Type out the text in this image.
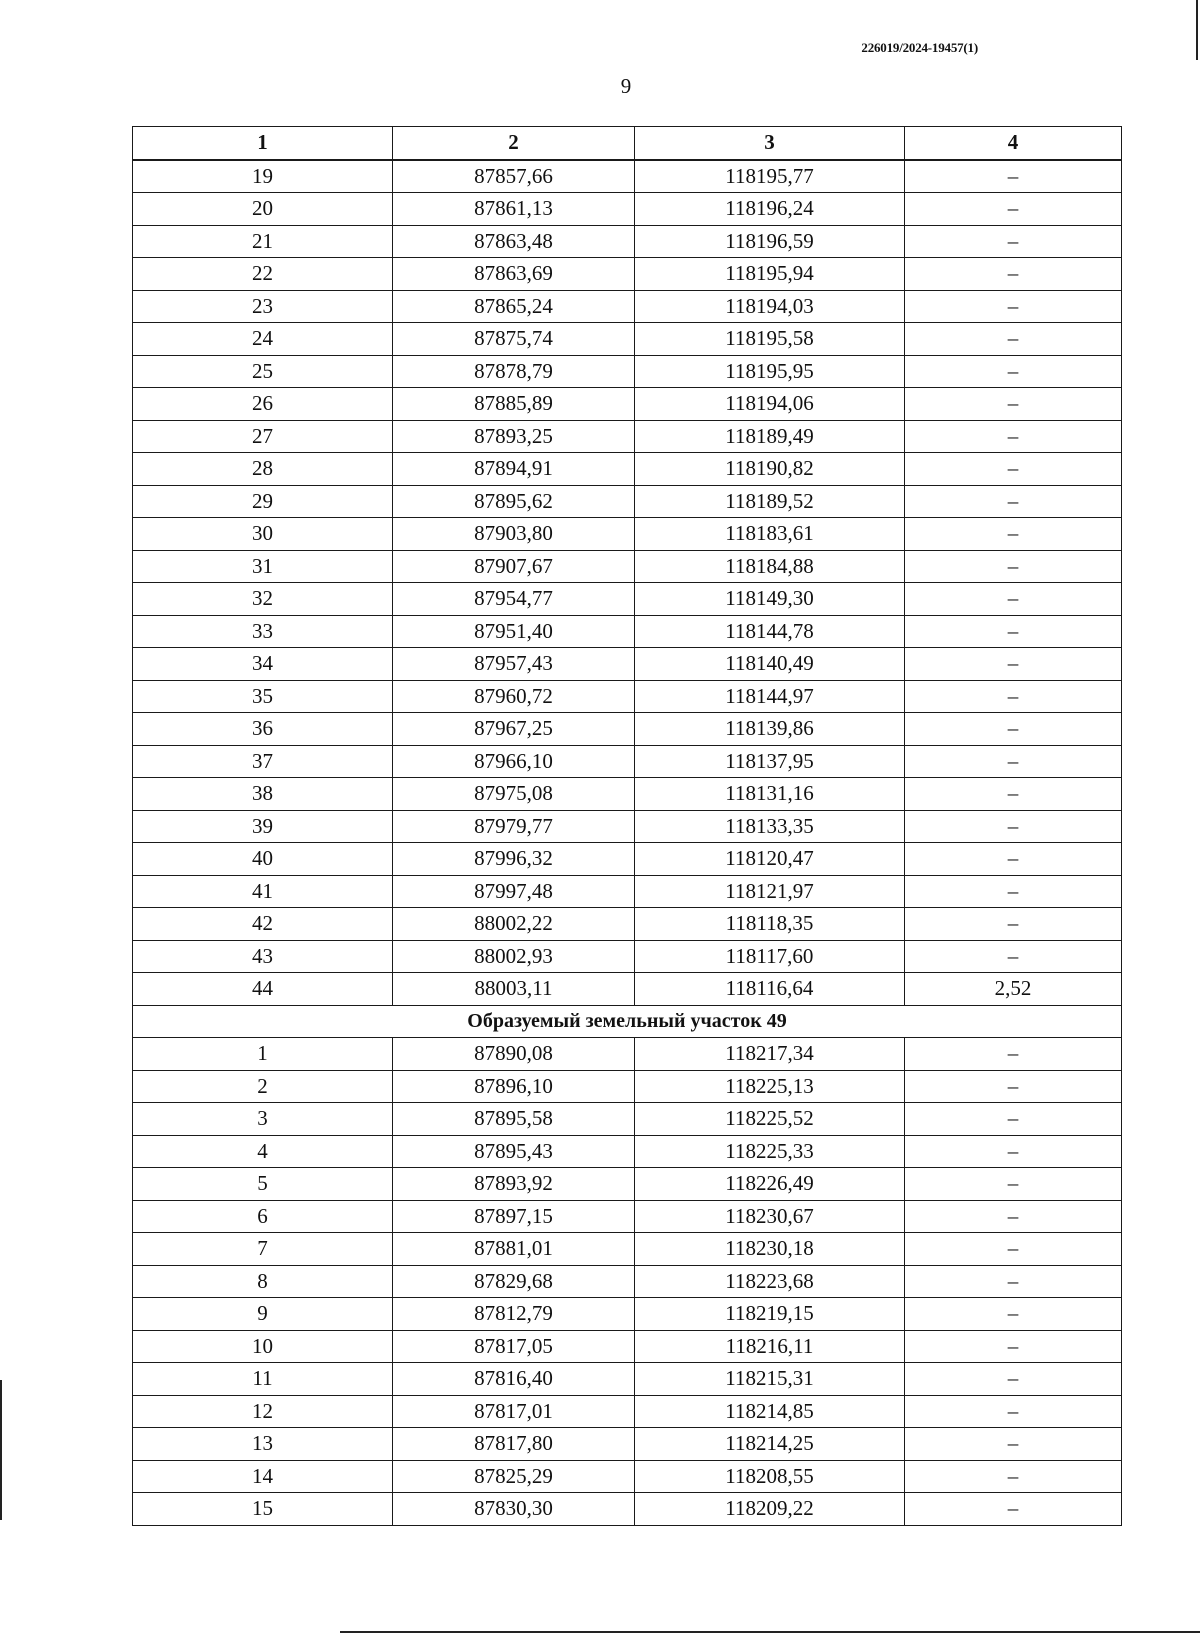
226019/2024-19457(1)
9
1	2	3	4
19	87857,66	118195,77	–
20	87861,13	118196,24	–
21	87863,48	118196,59	–
22	87863,69	118195,94	–
23	87865,24	118194,03	–
24	87875,74	118195,58	–
25	87878,79	118195,95	–
26	87885,89	118194,06	–
27	87893,25	118189,49	–
28	87894,91	118190,82	–
29	87895,62	118189,52	–
30	87903,80	118183,61	–
31	87907,67	118184,88	–
32	87954,77	118149,30	–
33	87951,40	118144,78	–
34	87957,43	118140,49	–
35	87960,72	118144,97	–
36	87967,25	118139,86	–
37	87966,10	118137,95	–
38	87975,08	118131,16	–
39	87979,77	118133,35	–
40	87996,32	118120,47	–
41	87997,48	118121,97	–
42	88002,22	118118,35	–
43	88002,93	118117,60	–
44	88003,11	118116,64	2,52
Образуемый земельный участок 49			
1	87890,08	118217,34	–
2	87896,10	118225,13	–
3	87895,58	118225,52	–
4	87895,43	118225,33	–
5	87893,92	118226,49	–
6	87897,15	118230,67	–
7	87881,01	118230,18	–
8	87829,68	118223,68	–
9	87812,79	118219,15	–
10	87817,05	118216,11	–
11	87816,40	118215,31	–
12	87817,01	118214,85	–
13	87817,80	118214,25	–
14	87825,29	118208,55	–
15	87830,30	118209,22	–
